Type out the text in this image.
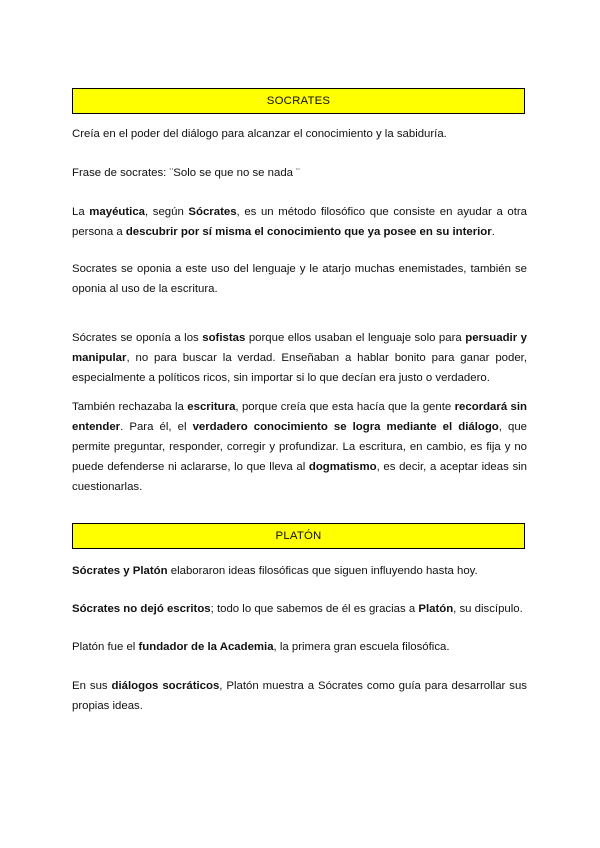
SOCRATES

Creía en el poder del diálogo para alcanzar el conocimiento y la sabiduría.

Frase de socrates: ¨Solo se que no se nada ¨

La mayéutica, según Sócrates, es un método filosófico que consiste en ayudar a otra persona a descubrir por sí misma el conocimiento que ya posee en su interior.

Socrates se oponia a este uso del lenguaje y le atarjo muchas enemistades, también se oponia al uso de la escritura.

Sócrates se oponía a los sofistas porque ellos usaban el lenguaje solo para persuadir y manipular, no para buscar la verdad. Enseñaban a hablar bonito para ganar poder, especialmente a políticos ricos, sin importar si lo que decían era justo o verdadero.

También rechazaba la escritura, porque creía que esta hacía que la gente recordará sin entender. Para él, el verdadero conocimiento se logra mediante el diálogo, que permite preguntar, responder, corregir y profundizar. La escritura, en cambio, es fija y no puede defenderse ni aclararse, lo que lleva al dogmatismo, es decir, a aceptar ideas sin cuestionarlas.

PLATÓN

Sócrates y Platón elaboraron ideas filosóficas que siguen influyendo hasta hoy.

Sócrates no dejó escritos; todo lo que sabemos de él es gracias a Platón, su discípulo.

Platón fue el fundador de la Academia, la primera gran escuela filosófica.

En sus diálogos socráticos, Platón muestra a Sócrates como guía para desarrollar sus propias ideas.
